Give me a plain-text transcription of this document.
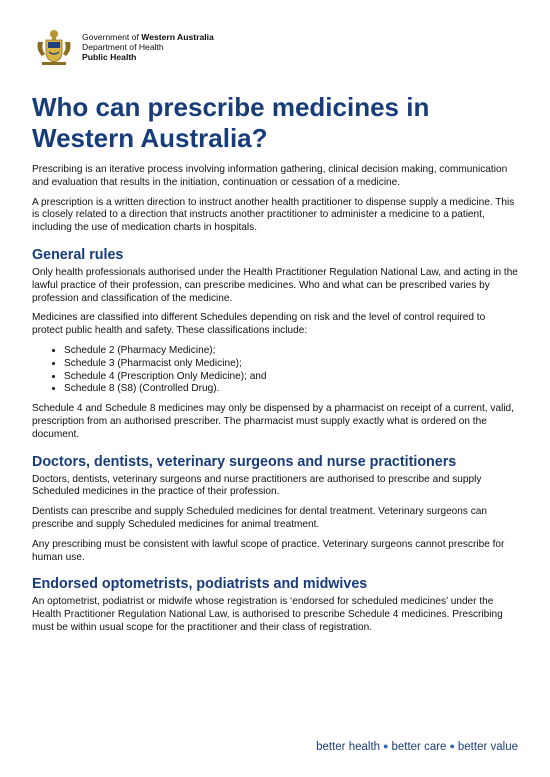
Government of Western Australia
Department of Health
Public Health
Who can prescribe medicines in Western Australia?

Prescribing is an iterative process involving information gathering, clinical decision making, communication and evaluation that results in the initiation, continuation or cessation of a medicine.

A prescription is a written direction to instruct another health practitioner to dispense supply a medicine. This is closely related to a direction that instructs another practitioner to administer a medicine to a patient, including the use of medication charts in hospitals.

General rules

Only health professionals authorised under the Health Practitioner Regulation National Law, and acting in the lawful practice of their profession, can prescribe medicines. Who and what can be prescribed varies by profession and classification of the medicine.

Medicines are classified into different Schedules depending on risk and the level of control required to protect public health and safety. These classifications include:

• Schedule 2 (Pharmacy Medicine);
• Schedule 3 (Pharmacist only Medicine);
• Schedule 4 (Prescription Only Medicine); and
• Schedule 8 (S8) (Controlled Drug).

Schedule 4 and Schedule 8 medicines may only be dispensed by a pharmacist on receipt of a current, valid, prescription from an authorised prescriber. The pharmacist must supply exactly what is ordered on the document.

Doctors, dentists, veterinary surgeons and nurse practitioners

Doctors, dentists, veterinary surgeons and nurse practitioners are authorised to prescribe and supply Scheduled medicines in the practice of their profession.

Dentists can prescribe and supply Scheduled medicines for dental treatment. Veterinary surgeons can prescribe and supply Scheduled medicines for animal treatment.

Any prescribing must be consistent with lawful scope of practice. Veterinary surgeons cannot prescribe for human use.

Endorsed optometrists, podiatrists and midwives

An optometrist, podiatrist or midwife whose registration is ‘endorsed for scheduled medicines’ under the Health Practitioner Regulation National Law, is authorised to prescribe Schedule 4 medicines. Prescribing must be within usual scope for the practitioner and their class of registration.

better health ● better care ● better value
